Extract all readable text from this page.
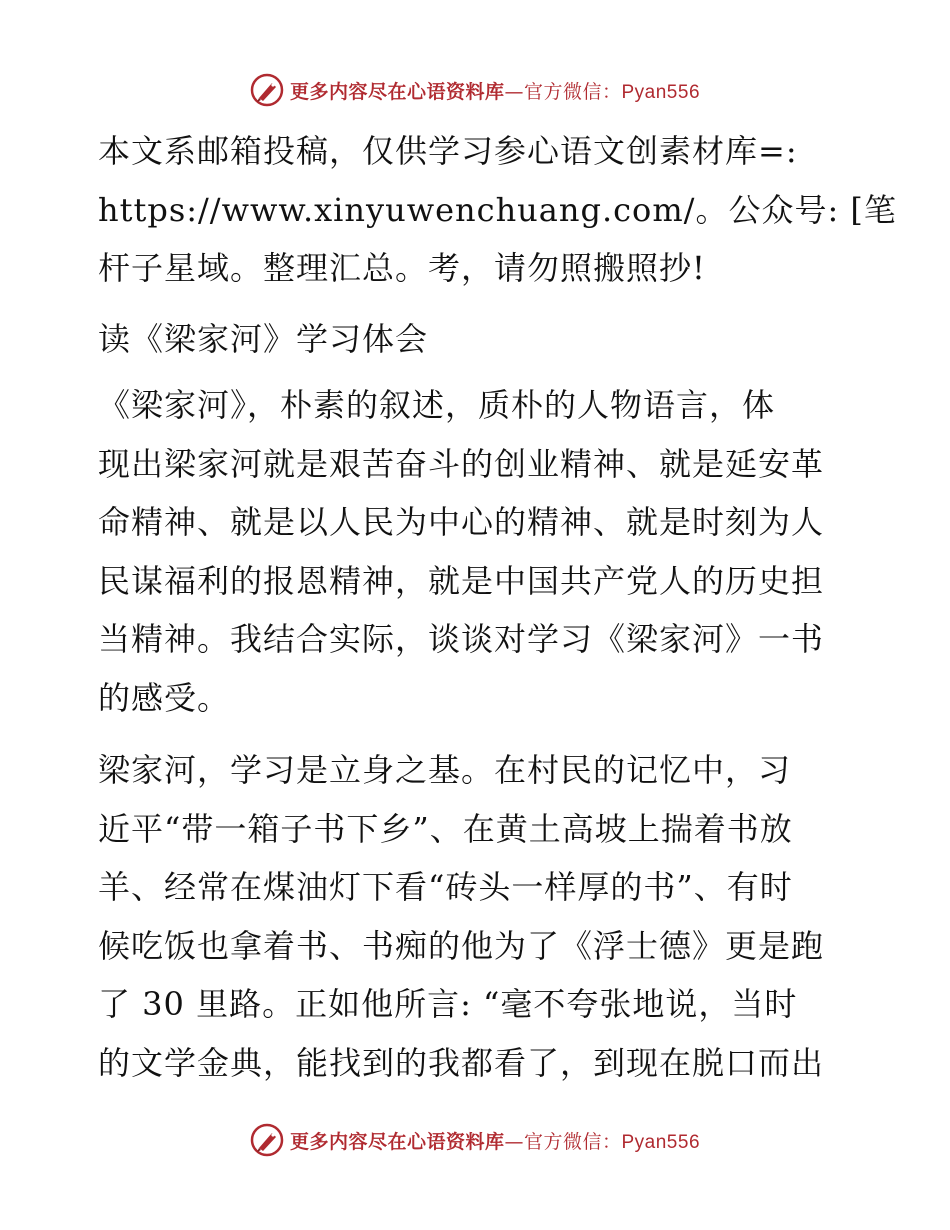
更多内容尽在心语资料库—官方微信：Pyan556

本文系邮箱投稿，仅供学习参心语文创素材库=:
https://www.xinyuwenchuang.com/。公众号: [笔
杆子星域。整理汇总。考，请勿照搬照抄!

读《梁家河》学习体会

《梁家河》，朴素的叙述，质朴的人物语言，体
现出梁家河就是艰苦奋斗的创业精神、就是延安革
命精神、就是以人民为中心的精神、就是时刻为人
民谋福利的报恩精神，就是中国共产党人的历史担
当精神。我结合实际，谈谈对学习《梁家河》一书
的感受。

梁家河，学习是立身之基。在村民的记忆中，习
近平“带一箱子书下乡”、在黄土高坡上揣着书放
羊、经常在煤油灯下看“砖头一样厚的书”、有时
候吃饭也拿着书、书痴的他为了《浮士德》更是跑
了 30 里路。正如他所言: “毫不夸张地说，当时
的文学金典，能找到的我都看了，到现在脱口而出

更多内容尽在心语资料库—官方微信：Pyan556
